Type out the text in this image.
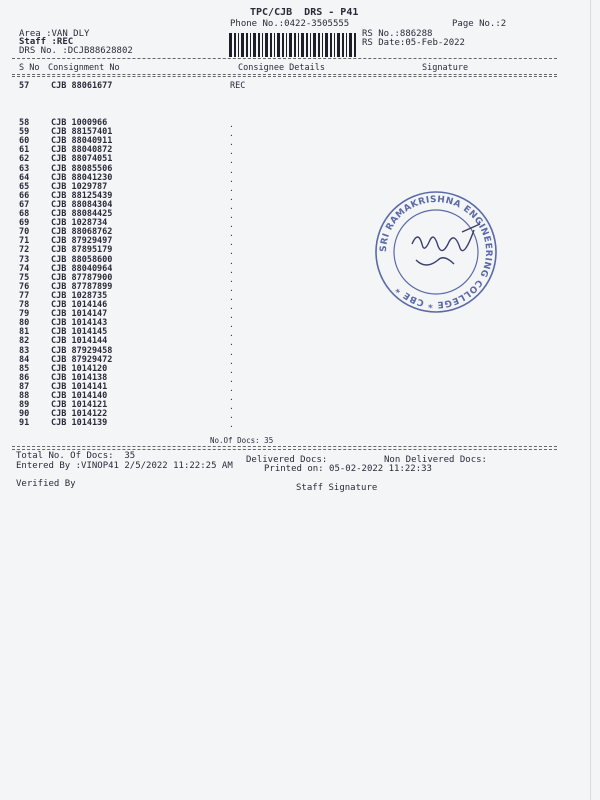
TPC/CJB  DRS - P41
Phone No.:0422-3505555	Page No.:2
Area :VAN DLY
Staff :REC
DRS No. :DCJB88628802
RS No.:886288
RS Date:05-Feb-2022
S No Consignment No	Consignee Details	Signature
57	CJB 88061677	REC
58	CJB 1000966	.
59	CJB 88157401	.
60	CJB 88040911	.
61	CJB 88040872	.
62	CJB 88074051	.
63	CJB 88085506	.
64	CJB 88041230	.
65	CJB 1029787	.
66	CJB 88125439	.
67	CJB 88084304	.
68	CJB 88084425	.
69	CJB 1028734	.
70	CJB 88068762	.
71	CJB 87929497	.
72	CJB 87895179	.
73	CJB 88058600	.
74	CJB 88040964	.
75	CJB 87787900	.
76	CJB 87787899	.
77	CJB 1028735	.
78	CJB 1014146	.
79	CJB 1014147	.
80	CJB 1014143	.
81	CJB 1014145	.
82	CJB 1014144	.
83	CJB 87929458	.
84	CJB 87929472	.
85	CJB 1014120	.
86	CJB 1014138	.
87	CJB 1014141	.
88	CJB 1014140	.
89	CJB 1014121	.
90	CJB 1014122	.
91	CJB 1014139	.
No.Of Docs: 35
Total No. Of Docs:  35	Delivered Docs:	Non Delivered Docs:
Entered By :VINOP41 2/5/2022 11:22:25 AM	Printed on: 05-02-2022 11:22:33
Verified By	Staff Signature
SRI RAMAKRISHNA ENGINEERING COLLEGE * CBE *
